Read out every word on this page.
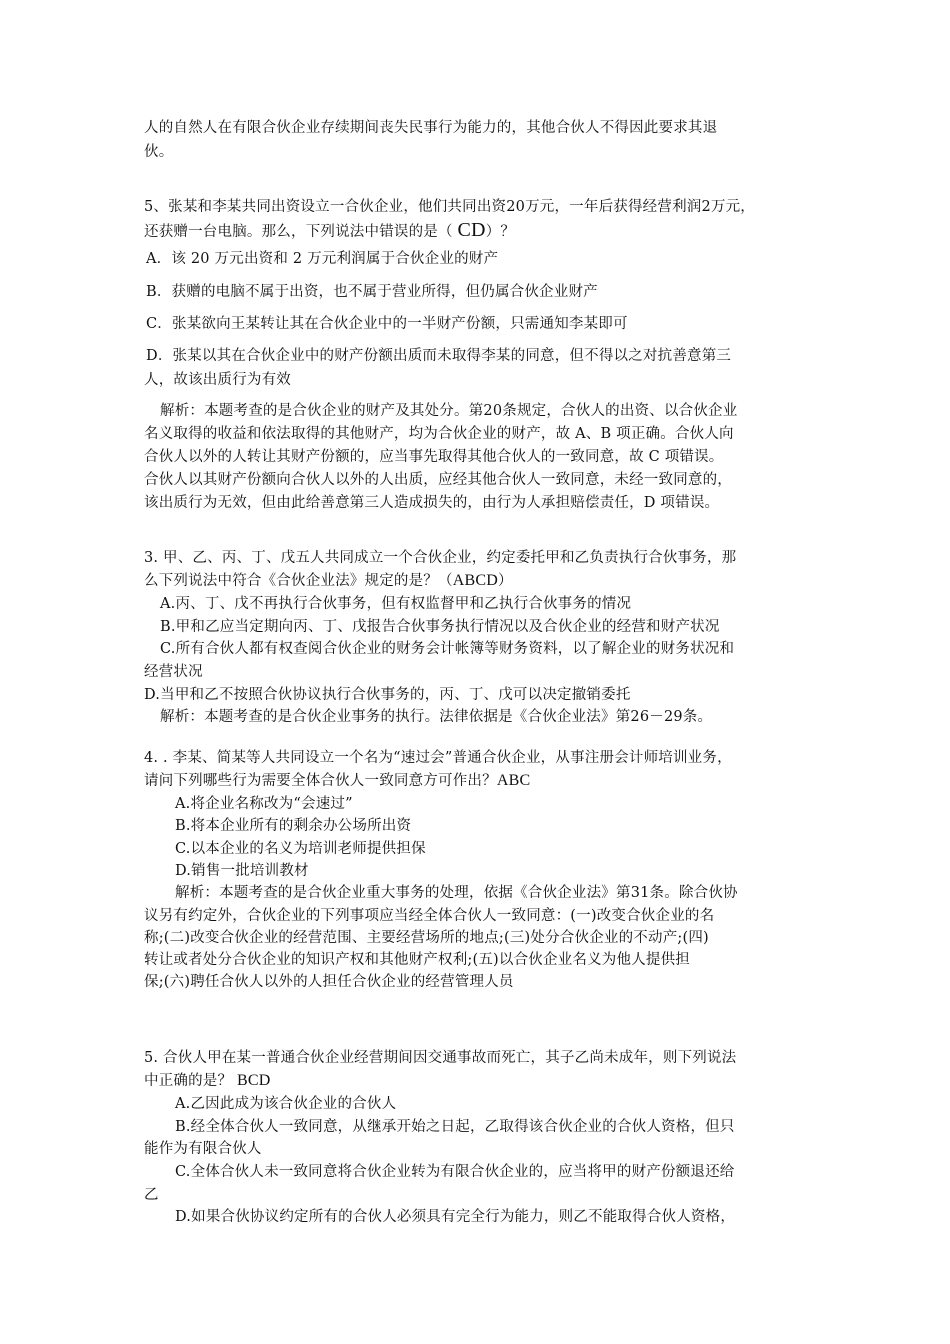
人的自然人在有限合伙企业存续期间丧失民事行为能力的，其他合伙人不得因此要求其退
伙。
5、张某和李某共同出资设立一合伙企业，他们共同出资20万元，一年后获得经营利润2万元，
还获赠一台电脑。那么，下列说法中错误的是（ CD）？
A．该 20 万元出资和 2 万元利润属于合伙企业的财产
B．获赠的电脑不属于出资，也不属于营业所得，但仍属合伙企业财产
C．张某欲向王某转让其在合伙企业中的一半财产份额，只需通知李某即可
D．张某以其在合伙企业中的财产份额出质而未取得李某的同意，但不得以之对抗善意第三
人，故该出质行为有效
解析：本题考查的是合伙企业的财产及其处分。第20条规定，合伙人的出资、以合伙企业
名义取得的收益和依法取得的其他财产，均为合伙企业的财产，故 A、B 项正确。合伙人向
合伙人以外的人转让其财产份额的，应当事先取得其他合伙人的一致同意，故 C 项错误。
合伙人以其财产份额向合伙人以外的人出质，应经其他合伙人一致同意，未经一致同意的，
该出质行为无效，但由此给善意第三人造成损失的，由行为人承担赔偿责任，D 项错误。
3. 甲、乙、丙、丁、戊五人共同成立一个合伙企业，约定委托甲和乙负责执行合伙事务，那
么下列说法中符合《合伙企业法》规定的是？（ABCD）
A.丙、丁、戊不再执行合伙事务，但有权监督甲和乙执行合伙事务的情况
B.甲和乙应当定期向丙、丁、戊报告合伙事务执行情况以及合伙企业的经营和财产状况
C.所有合伙人都有权查阅合伙企业的财务会计帐簿等财务资料，以了解企业的财务状况和
经营状况
D.当甲和乙不按照合伙协议执行合伙事务的，丙、丁、戊可以决定撤销委托
解析：本题考查的是合伙企业事务的执行。法律依据是《合伙企业法》第26－29条。
4. . 李某、简某等人共同设立一个名为“速过会”普通合伙企业，从事注册会计师培训业务，
请问下列哪些行为需要全体合伙人一致同意方可作出？ABC
A.将企业名称改为“会速过”
B.将本企业所有的剩余办公场所出资
C.以本企业的名义为培训老师提供担保
D.销售一批培训教材
解析：本题考查的是合伙企业重大事务的处理，依据《合伙企业法》第31条。除合伙协
议另有约定外，合伙企业的下列事项应当经全体合伙人一致同意：(一)改变合伙企业的名
称;(二)改变合伙企业的经营范围、主要经营场所的地点;(三)处分合伙企业的不动产;(四)
转让或者处分合伙企业的知识产权和其他财产权利;(五)以合伙企业名义为他人提供担
保;(六)聘任合伙人以外的人担任合伙企业的经营管理人员
5. 合伙人甲在某一普通合伙企业经营期间因交通事故而死亡，其子乙尚未成年，则下列说法
中正确的是？ BCD
A.乙因此成为该合伙企业的合伙人
B.经全体合伙人一致同意，从继承开始之日起，乙取得该合伙企业的合伙人资格，但只
能作为有限合伙人
C.全体合伙人未一致同意将合伙企业转为有限合伙企业的，应当将甲的财产份额退还给
乙
D.如果合伙协议约定所有的合伙人必须具有完全行为能力，则乙不能取得合伙人资格，
